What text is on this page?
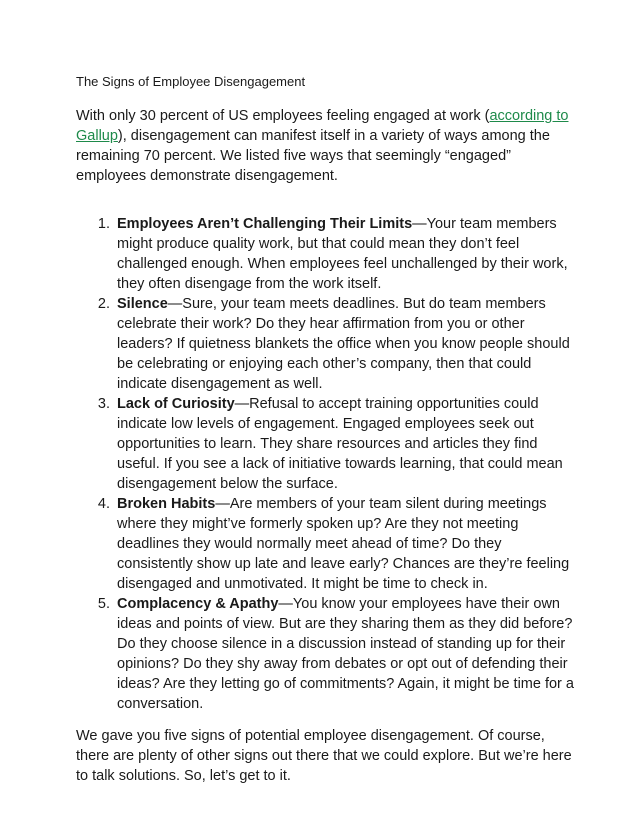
The Signs of Employee Disengagement

With only 30 percent of US employees feeling engaged at work (according to Gallup), disengagement can manifest itself in a variety of ways among the remaining 70 percent. We listed five ways that seemingly “engaged” employees demonstrate disengagement.

1. Employees Aren’t Challenging Their Limits—Your team members might produce quality work, but that could mean they don’t feel challenged enough. When employees feel unchallenged by their work, they often disengage from the work itself.
2. Silence—Sure, your team meets deadlines. But do team members celebrate their work? Do they hear affirmation from you or other leaders? If quietness blankets the office when you know people should be celebrating or enjoying each other’s company, then that could indicate disengagement as well.
3. Lack of Curiosity—Refusal to accept training opportunities could indicate low levels of engagement. Engaged employees seek out opportunities to learn. They share resources and articles they find useful. If you see a lack of initiative towards learning, that could mean disengagement below the surface.
4. Broken Habits—Are members of your team silent during meetings where they might’ve formerly spoken up? Are they not meeting deadlines they would normally meet ahead of time? Do they consistently show up late and leave early? Chances are they’re feeling disengaged and unmotivated. It might be time to check in.
5. Complacency & Apathy—You know your employees have their own ideas and points of view. But are they sharing them as they did before? Do they choose silence in a discussion instead of standing up for their opinions? Do they shy away from debates or opt out of defending their ideas? Are they letting go of commitments? Again, it might be time for a conversation.

We gave you five signs of potential employee disengagement. Of course, there are plenty of other signs out there that we could explore. But we’re here to talk solutions. So, let’s get to it.
